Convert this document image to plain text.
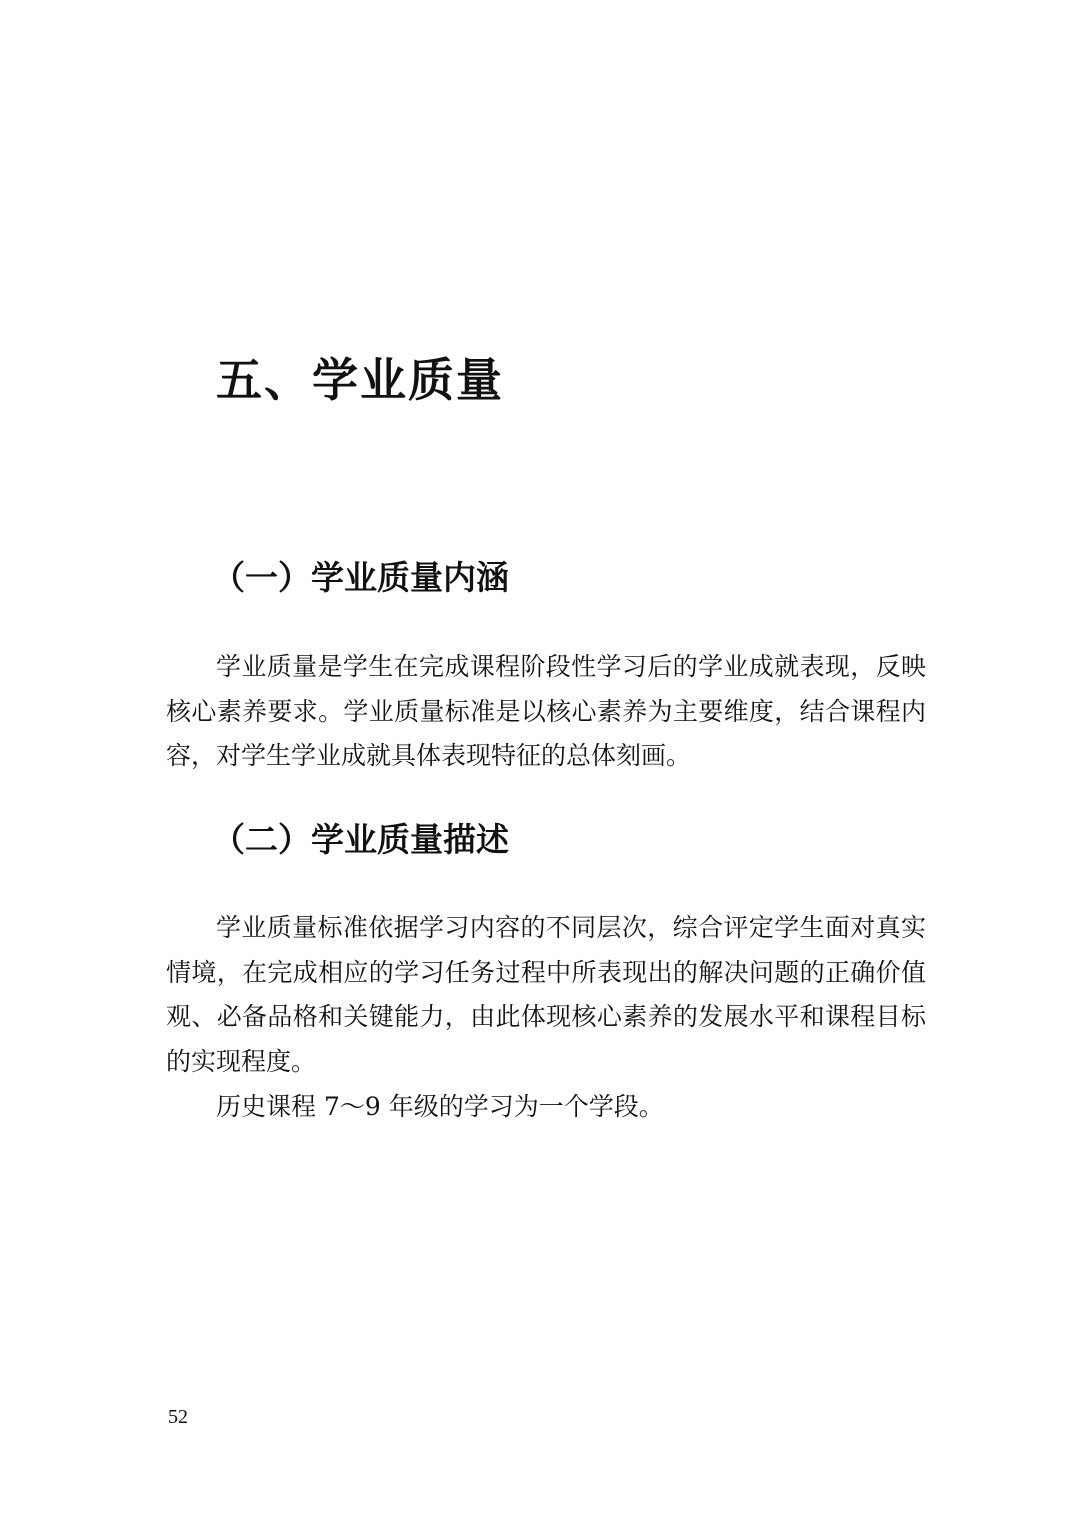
五、学业质量
（一）学业质量内涵

学业质量是学生在完成课程阶段性学习后的学业成就表现，反映核心素养要求。学业质量标准是以核心素养为主要维度，结合课程内容，对学生学业成就具体表现特征的总体刻画。

（二）学业质量描述

学业质量标准依据学习内容的不同层次，综合评定学生面对真实情境，在完成相应的学习任务过程中所表现出的解决问题的正确价值观、必备品格和关键能力，由此体现核心素养的发展水平和课程目标的实现程度。

历史课程 7～9 年级的学习为一个学段。

52
